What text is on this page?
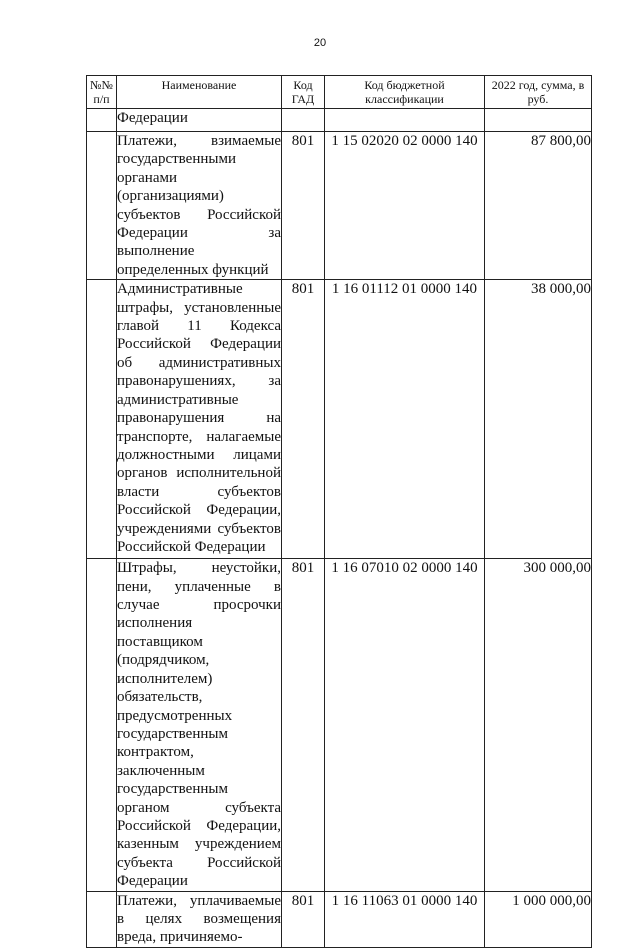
20
№№ п/п	Наименование	Код ГАД	Код бюджетной классификации	2022 год, сумма, в руб.
	Федерации			
	Платежи, взимаемые государственными органами (организациями) субъектов Российской Федерации за выполнение определенных функций	801	1 15 02020 02 0000 140	87 800,00
	Административные штрафы, установленные главой 11 Кодекса Российской Федерации об административных правонарушениях, за административные правонарушения на транспорте, налагаемые должностными лицами органов исполнительной власти субъектов Российской Федерации, учреждениями субъектов Российской Федерации	801	1 16 01112 01 0000 140	38 000,00
	Штрафы, неустойки, пени, уплаченные в случае просрочки исполнения поставщиком (подрядчиком, исполнителем) обязательств, предусмотренных государственным контрактом, заключенным государственным органом субъекта Российской Федерации, казенным учреждением субъекта Российской Федерации	801	1 16 07010 02 0000 140	300 000,00
	Платежи, уплачиваемые в целях возмещения вреда, причиняемо-	801	1 16 11063 01 0000 140	1 000 000,00
